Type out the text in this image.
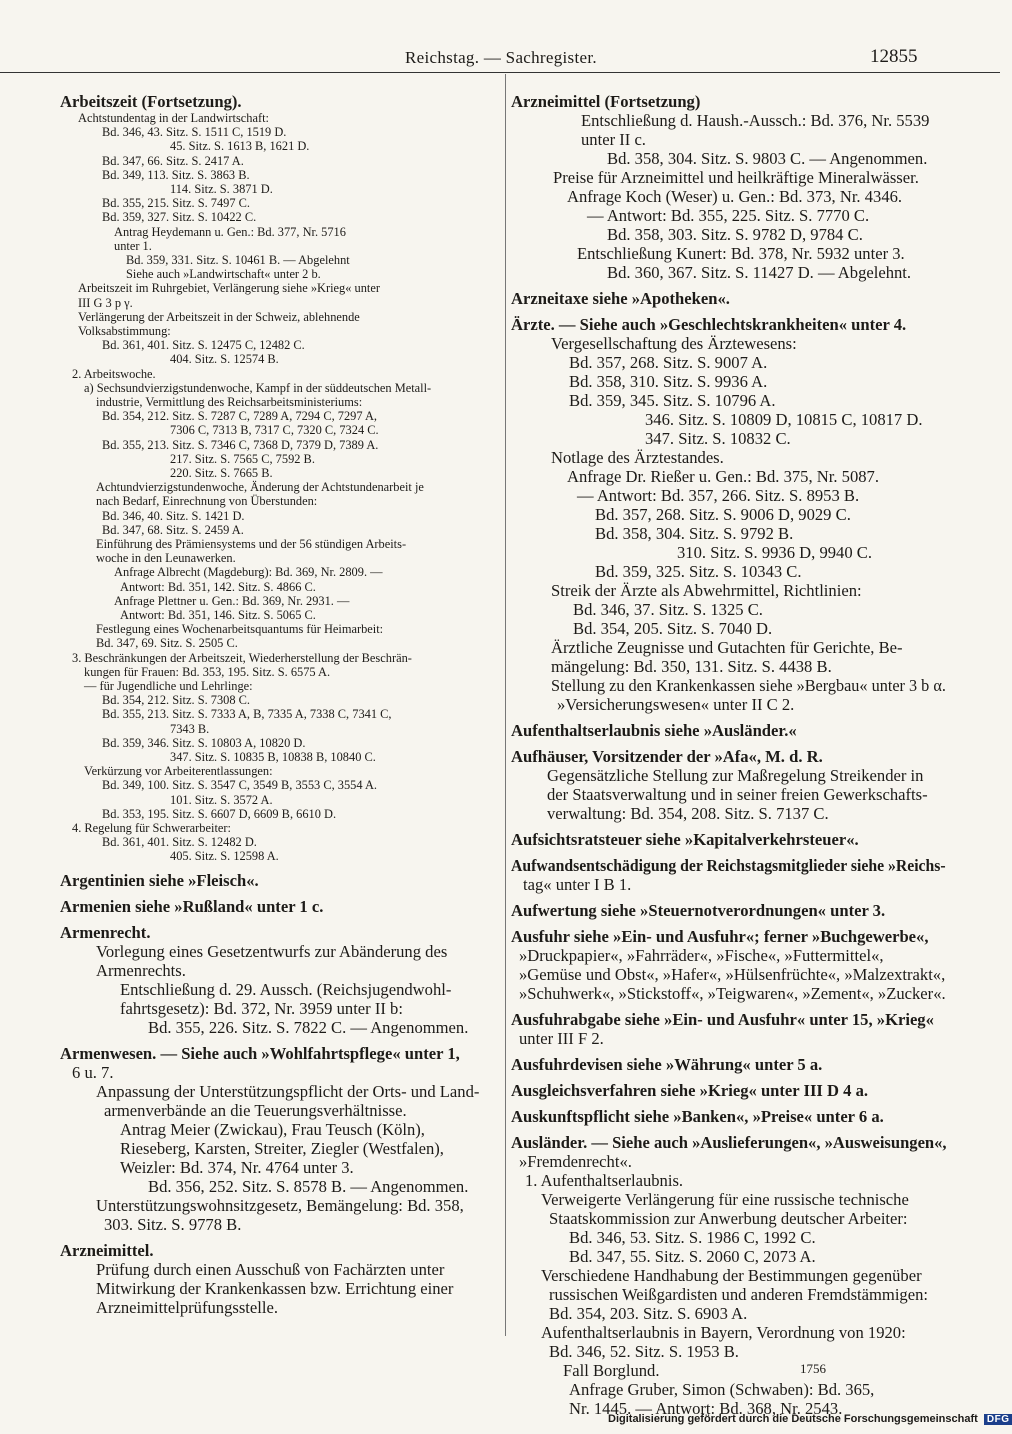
Reichstag. — Sachregister.	12855
Arbeitszeit (Fortsetzung).
Achtstundentag in der Landwirtschaft:
Bd. 346, 43. Sitz. S. 1511 C, 1519 D.
45. Sitz. S. 1613 B, 1621 D.
Bd. 347, 66. Sitz. S. 2417 A.
Bd. 349, 113. Sitz. S. 3863 B.
114. Sitz. S. 3871 D.
Bd. 355, 215. Sitz. S. 7497 C.
Bd. 359, 327. Sitz. S. 10422 C.
Antrag Heydemann u. Gen.: Bd. 377, Nr. 5716
unter 1.
Bd. 359, 331. Sitz. S. 10461 B. — Abgelehnt
Siehe auch »Landwirtschaft« unter 2 b.
Arbeitszeit im Ruhrgebiet, Verlängerung siehe »Krieg« unter
III G 3 p γ.
Verlängerung der Arbeitszeit in der Schweiz, ablehnende
Volksabstimmung:
Bd. 361, 401. Sitz. S. 12475 C, 12482 C.
404. Sitz. S. 12574 B.
2. Arbeitswoche.
a) Sechsundvierzigstundenwoche, Kampf in der süddeutschen Metall-
industrie, Vermittlung des Reichsarbeitsministeriums:
Bd. 354, 212. Sitz. S. 7287 C, 7289 A, 7294 C, 7297 A,
7306 C, 7313 B, 7317 C, 7320 C, 7324 C.
Bd. 355, 213. Sitz. S. 7346 C, 7368 D, 7379 D, 7389 A.
217. Sitz. S. 7565 C, 7592 B.
220. Sitz. S. 7665 B.
Achtundvierzigstundenwoche, Änderung der Achtstundenarbeit je
nach Bedarf, Einrechnung von Überstunden:
Bd. 346, 40. Sitz. S. 1421 D.
Bd. 347, 68. Sitz. S. 2459 A.
Einführung des Prämiensystems und der 56 stündigen Arbeits-
woche in den Leunawerken.
Anfrage Albrecht (Magdeburg): Bd. 369, Nr. 2809. —
Antwort: Bd. 351, 142. Sitz. S. 4866 C.
Anfrage Plettner u. Gen.: Bd. 369, Nr. 2931. —
Antwort: Bd. 351, 146. Sitz. S. 5065 C.
Festlegung eines Wochenarbeitsquantums für Heimarbeit:
Bd. 347, 69. Sitz. S. 2505 C.
3. Beschränkungen der Arbeitszeit, Wiederherstellung der Beschrän-
kungen für Frauen: Bd. 353, 195. Sitz. S. 6575 A.
— für Jugendliche und Lehrlinge:
Bd. 354, 212. Sitz. S. 7308 C.
Bd. 355, 213. Sitz. S. 7333 A, B, 7335 A, 7338 C, 7341 C,
7343 B.
Bd. 359, 346. Sitz. S. 10803 A, 10820 D.
347. Sitz. S. 10835 B, 10838 B, 10840 C.
Verkürzung vor Arbeiterentlassungen:
Bd. 349, 100. Sitz. S. 3547 C, 3549 B, 3553 C, 3554 A.
101. Sitz. S. 3572 A.
Bd. 353, 195. Sitz. S. 6607 D, 6609 B, 6610 D.
4. Regelung für Schwerarbeiter:
Bd. 361, 401. Sitz. S. 12482 D.
405. Sitz. S. 12598 A.
Argentinien siehe »Fleisch«.
Armenien siehe »Rußland« unter 1 c.
Armenrecht.
Vorlegung eines Gesetzentwurfs zur Abänderung des
Armenrechts.
Entschließung d. 29. Aussch. (Reichsjugendwohl-
fahrtsgesetz): Bd. 372, Nr. 3959 unter II b:
Bd. 355, 226. Sitz. S. 7822 C. — Angenommen.
Armenwesen. — Siehe auch »Wohlfahrtspflege« unter 1,
6 u. 7.
Anpassung der Unterstützungspflicht der Orts- und Land-
armenverbände an die Teuerungsverhältnisse.
Antrag Meier (Zwickau), Frau Teusch (Köln),
Rieseberg, Karsten, Streiter, Ziegler (Westfalen),
Weizler: Bd. 374, Nr. 4764 unter 3.
Bd. 356, 252. Sitz. S. 8578 B. — Angenommen.
Unterstützungswohnsitzgesetz, Bemängelung: Bd. 358,
303. Sitz. S. 9778 B.
Arzneimittel.
Prüfung durch einen Ausschuß von Fachärzten unter
Mitwirkung der Krankenkassen bzw. Errichtung einer
Arzneimittelprüfungsstelle.
Arzneimittel (Fortsetzung)
Entschließung d. Haush.-Aussch.: Bd. 376, Nr. 5539
unter II c.
Bd. 358, 304. Sitz. S. 9803 C. — Angenommen.
Preise für Arzneimittel und heilkräftige Mineralwässer.
Anfrage Koch (Weser) u. Gen.: Bd. 373, Nr. 4346.
— Antwort: Bd. 355, 225. Sitz. S. 7770 C.
Bd. 358, 303. Sitz. S. 9782 D, 9784 C.
Entschließung Kunert: Bd. 378, Nr. 5932 unter 3.
Bd. 360, 367. Sitz. S. 11427 D. — Abgelehnt.
Arzneitaxe siehe »Apotheken«.
Ärzte. — Siehe auch »Geschlechtskrankheiten« unter 4.
Vergesellschaftung des Ärztewesens:
Bd. 357, 268. Sitz. S. 9007 A.
Bd. 358, 310. Sitz. S. 9936 A.
Bd. 359, 345. Sitz. S. 10796 A.
346. Sitz. S. 10809 D, 10815 C, 10817 D.
347. Sitz. S. 10832 C.
Notlage des Ärztestandes.
Anfrage Dr. Rießer u. Gen.: Bd. 375, Nr. 5087.
— Antwort: Bd. 357, 266. Sitz. S. 8953 B.
Bd. 357, 268. Sitz. S. 9006 D, 9029 C.
Bd. 358, 304. Sitz. S. 9792 B.
310. Sitz. S. 9936 D, 9940 C.
Bd. 359, 325. Sitz. S. 10343 C.
Streik der Ärzte als Abwehrmittel, Richtlinien:
Bd. 346, 37. Sitz. S. 1325 C.
Bd. 354, 205. Sitz. S. 7040 D.
Ärztliche Zeugnisse und Gutachten für Gerichte, Be-
mängelung: Bd. 350, 131. Sitz. S. 4438 B.
Stellung zu den Krankenkassen siehe »Bergbau« unter 3 b α.
»Versicherungswesen« unter II C 2.
Aufenthaltserlaubnis siehe »Ausländer.«
Aufhäuser, Vorsitzender der »Afa«, M. d. R.
Gegensätzliche Stellung zur Maßregelung Streikender in
der Staatsverwaltung und in seiner freien Gewerkschafts-
verwaltung: Bd. 354, 208. Sitz. S. 7137 C.
Aufsichtsratsteuer siehe »Kapitalverkehrsteuer«.
Aufwandsentschädigung der Reichstagsmitglieder siehe »Reichs-
tag« unter I B 1.
Aufwertung siehe »Steuernotverordnungen« unter 3.
Ausfuhr siehe »Ein- und Ausfuhr«; ferner »Buchgewerbe«,
»Druckpapier«, »Fahrräder«, »Fische«, »Futtermittel«,
»Gemüse und Obst«, »Hafer«, »Hülsenfrüchte«, »Malzextrakt«,
»Schuhwerk«, »Stickstoff«, »Teigwaren«, »Zement«, »Zucker«.
Ausfuhrabgabe siehe »Ein- und Ausfuhr« unter 15, »Krieg«
unter III F 2.
Ausfuhrdevisen siehe »Währung« unter 5 a.
Ausgleichsverfahren siehe »Krieg« unter III D 4 a.
Auskunftspflicht siehe »Banken«, »Preise« unter 6 a.
Ausländer. — Siehe auch »Auslieferungen«, »Ausweisungen«,
»Fremdenrecht«.
1. Aufenthaltserlaubnis.
Verweigerte Verlängerung für eine russische technische
Staatskommission zur Anwerbung deutscher Arbeiter:
Bd. 346, 53. Sitz. S. 1986 C, 1992 C.
Bd. 347, 55. Sitz. S. 2060 C, 2073 A.
Verschiedene Handhabung der Bestimmungen gegenüber
russischen Weißgardisten und anderen Fremdstämmigen:
Bd. 354, 203. Sitz. S. 6903 A.
Aufenthaltserlaubnis in Bayern, Verordnung von 1920:
Bd. 346, 52. Sitz. S. 1953 B.
Fall Borglund.
Anfrage Gruber, Simon (Schwaben): Bd. 365,
Nr. 1445. — Antwort: Bd. 368, Nr. 2543.
1756
Digitalisierung gefördert durch die Deutsche Forschungsgemeinschaft DFG
